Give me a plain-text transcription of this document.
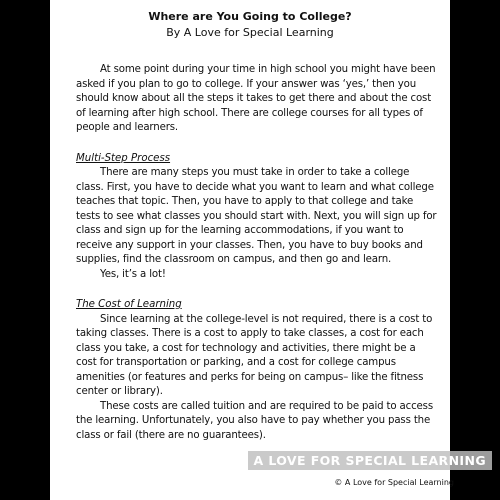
Where are You Going to College?
By A Love for Special Learning

At some point during your time in high school you might have been asked if you plan to go to college. If your answer was ‘yes,’ then you should know about all the steps it takes to get there and about the cost of learning after high school. There are college courses for all types of people and learners.

Multi-Step Process

There are many steps you must take in order to take a college class. First, you have to decide what you want to learn and what college teaches that topic. Then, you have to apply to that college and take tests to see what classes you should start with. Next, you will sign up for class and sign up for the learning accommodations, if you want to receive any support in your classes. Then, you have to buy books and supplies, find the classroom on campus, and then go and learn.

Yes, it’s a lot!

The Cost of Learning

Since learning at the college-level is not required, there is a cost to taking classes. There is a cost to apply to take classes, a cost for each class you take, a cost for technology and activities, there might be a cost for transportation or parking, and a cost for college campus amenities (or features and perks for being on campus– like the fitness center or library).

These costs are called tuition and are required to be paid to access the learning. Unfortunately, you also have to pay whether you pass the class or fail (there are no guarantees).

A LOVE FOR SPECIAL LEARNING
© A Love for Special Learning
